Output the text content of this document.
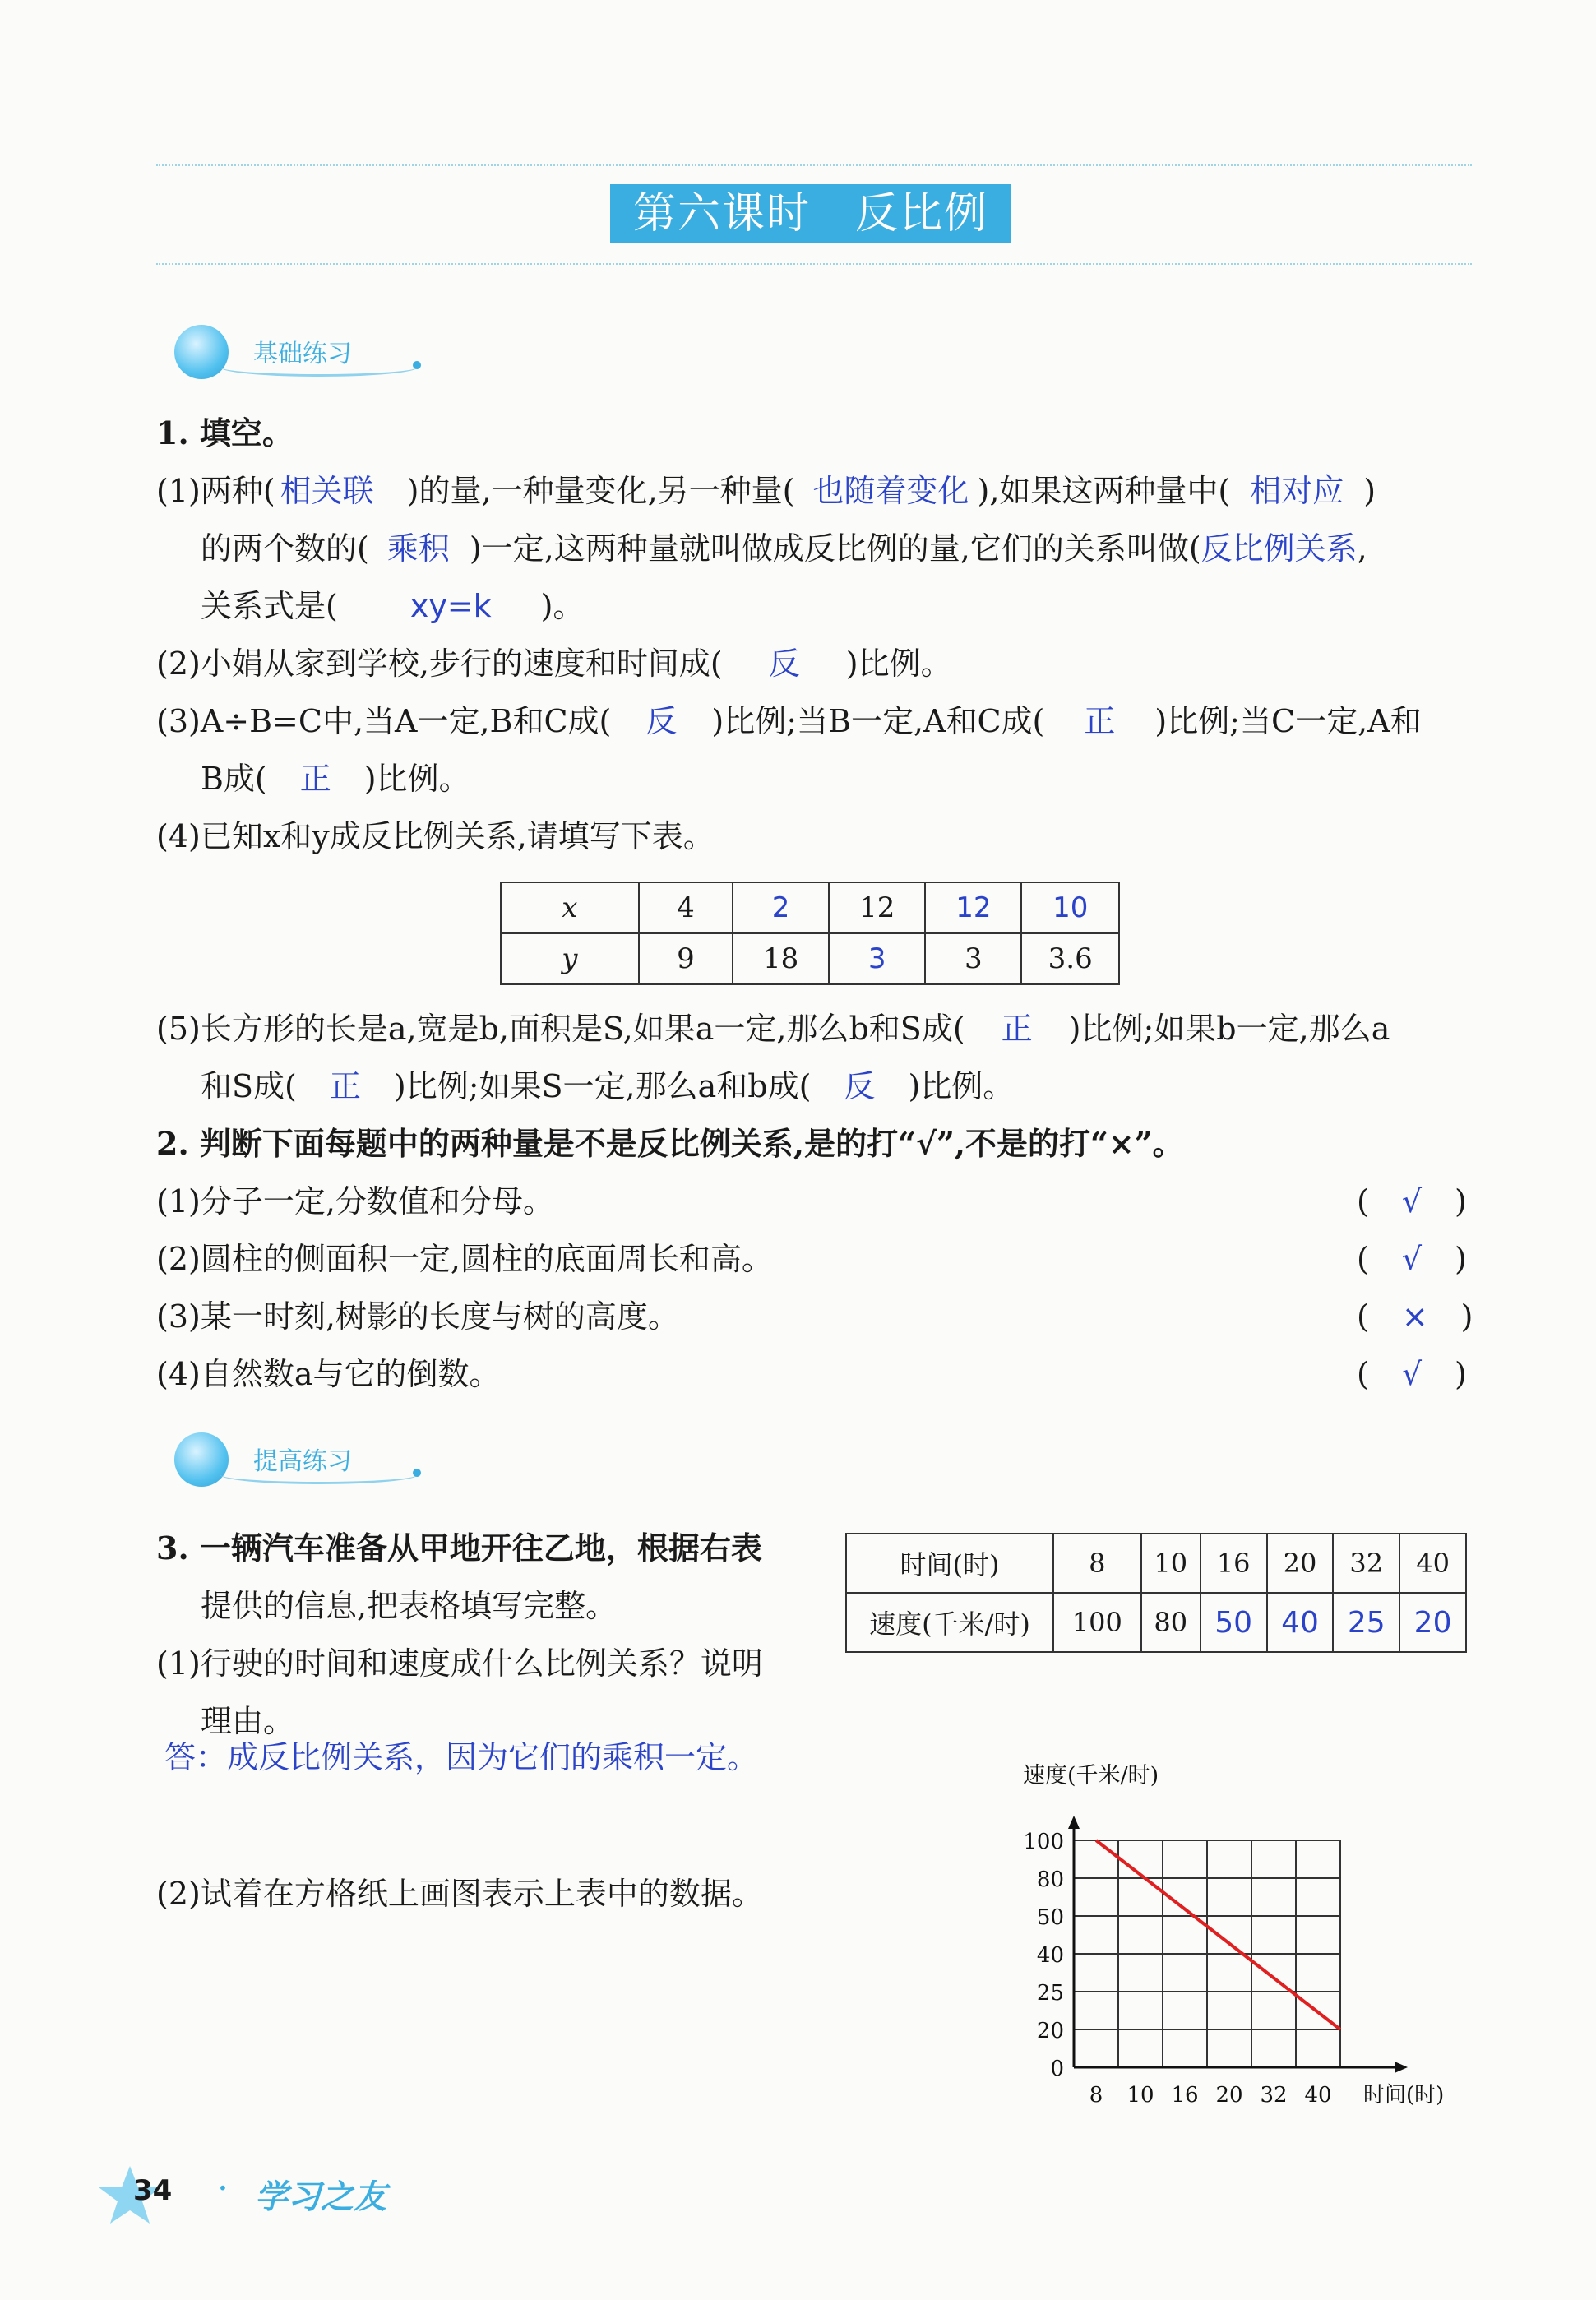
第六课时　反比例
基础练习
1. 填空。
(1)两种( 相关联 )的量,一种量变化,另一种量( 也随着变化 ),如果这两种量中( 相对应 )
的两个数的( 乘积 )一定,这两种量就叫做成反比例的量,它们的关系叫做(反比例关系,
关系式是( xy=k )。
(2)小娟从家到学校,步行的速度和时间成( 反 )比例。
(3)A÷B=C中,当A一定,B和C成( 反 )比例;当B一定,A和C成( 正 )比例;当C一定,A和
B成( 正 )比例。
(4)已知x和y成反比例关系,请填写下表。
x	4	2	12	12	10
y	9	18	3	3	3.6
(5)长方形的长是a,宽是b,面积是S,如果a一定,那么b和S成( 正 )比例;如果b一定,那么a
和S成( 正 )比例;如果S一定,那么a和b成( 反 )比例。
2. 判断下面每题中的两种量是不是反比例关系,是的打“√”,不是的打“×”。
(1)分子一定,分数值和分母。	( √ )
(2)圆柱的侧面积一定,圆柱的底面周长和高。	( √ )
(3)某一时刻,树影的长度与树的高度。	( × )
(4)自然数a与它的倒数。	( √ )
提高练习
3. 一辆汽车准备从甲地开往乙地，根据右表
提供的信息,把表格填写完整。
(1)行驶的时间和速度成什么比例关系？说明
理由。
答：成反比例关系，因为它们的乘积一定。
(2)试着在方格纸上画图表示上表中的数据。
时间(时)	8	10	16	20	32	40
速度(千米/时)	100	80	50	40	25	20
0
20
25
40
50
80
100
8 10 16 20 32 40 时间(时)
速度(千米/时)
34 · 学习之友
